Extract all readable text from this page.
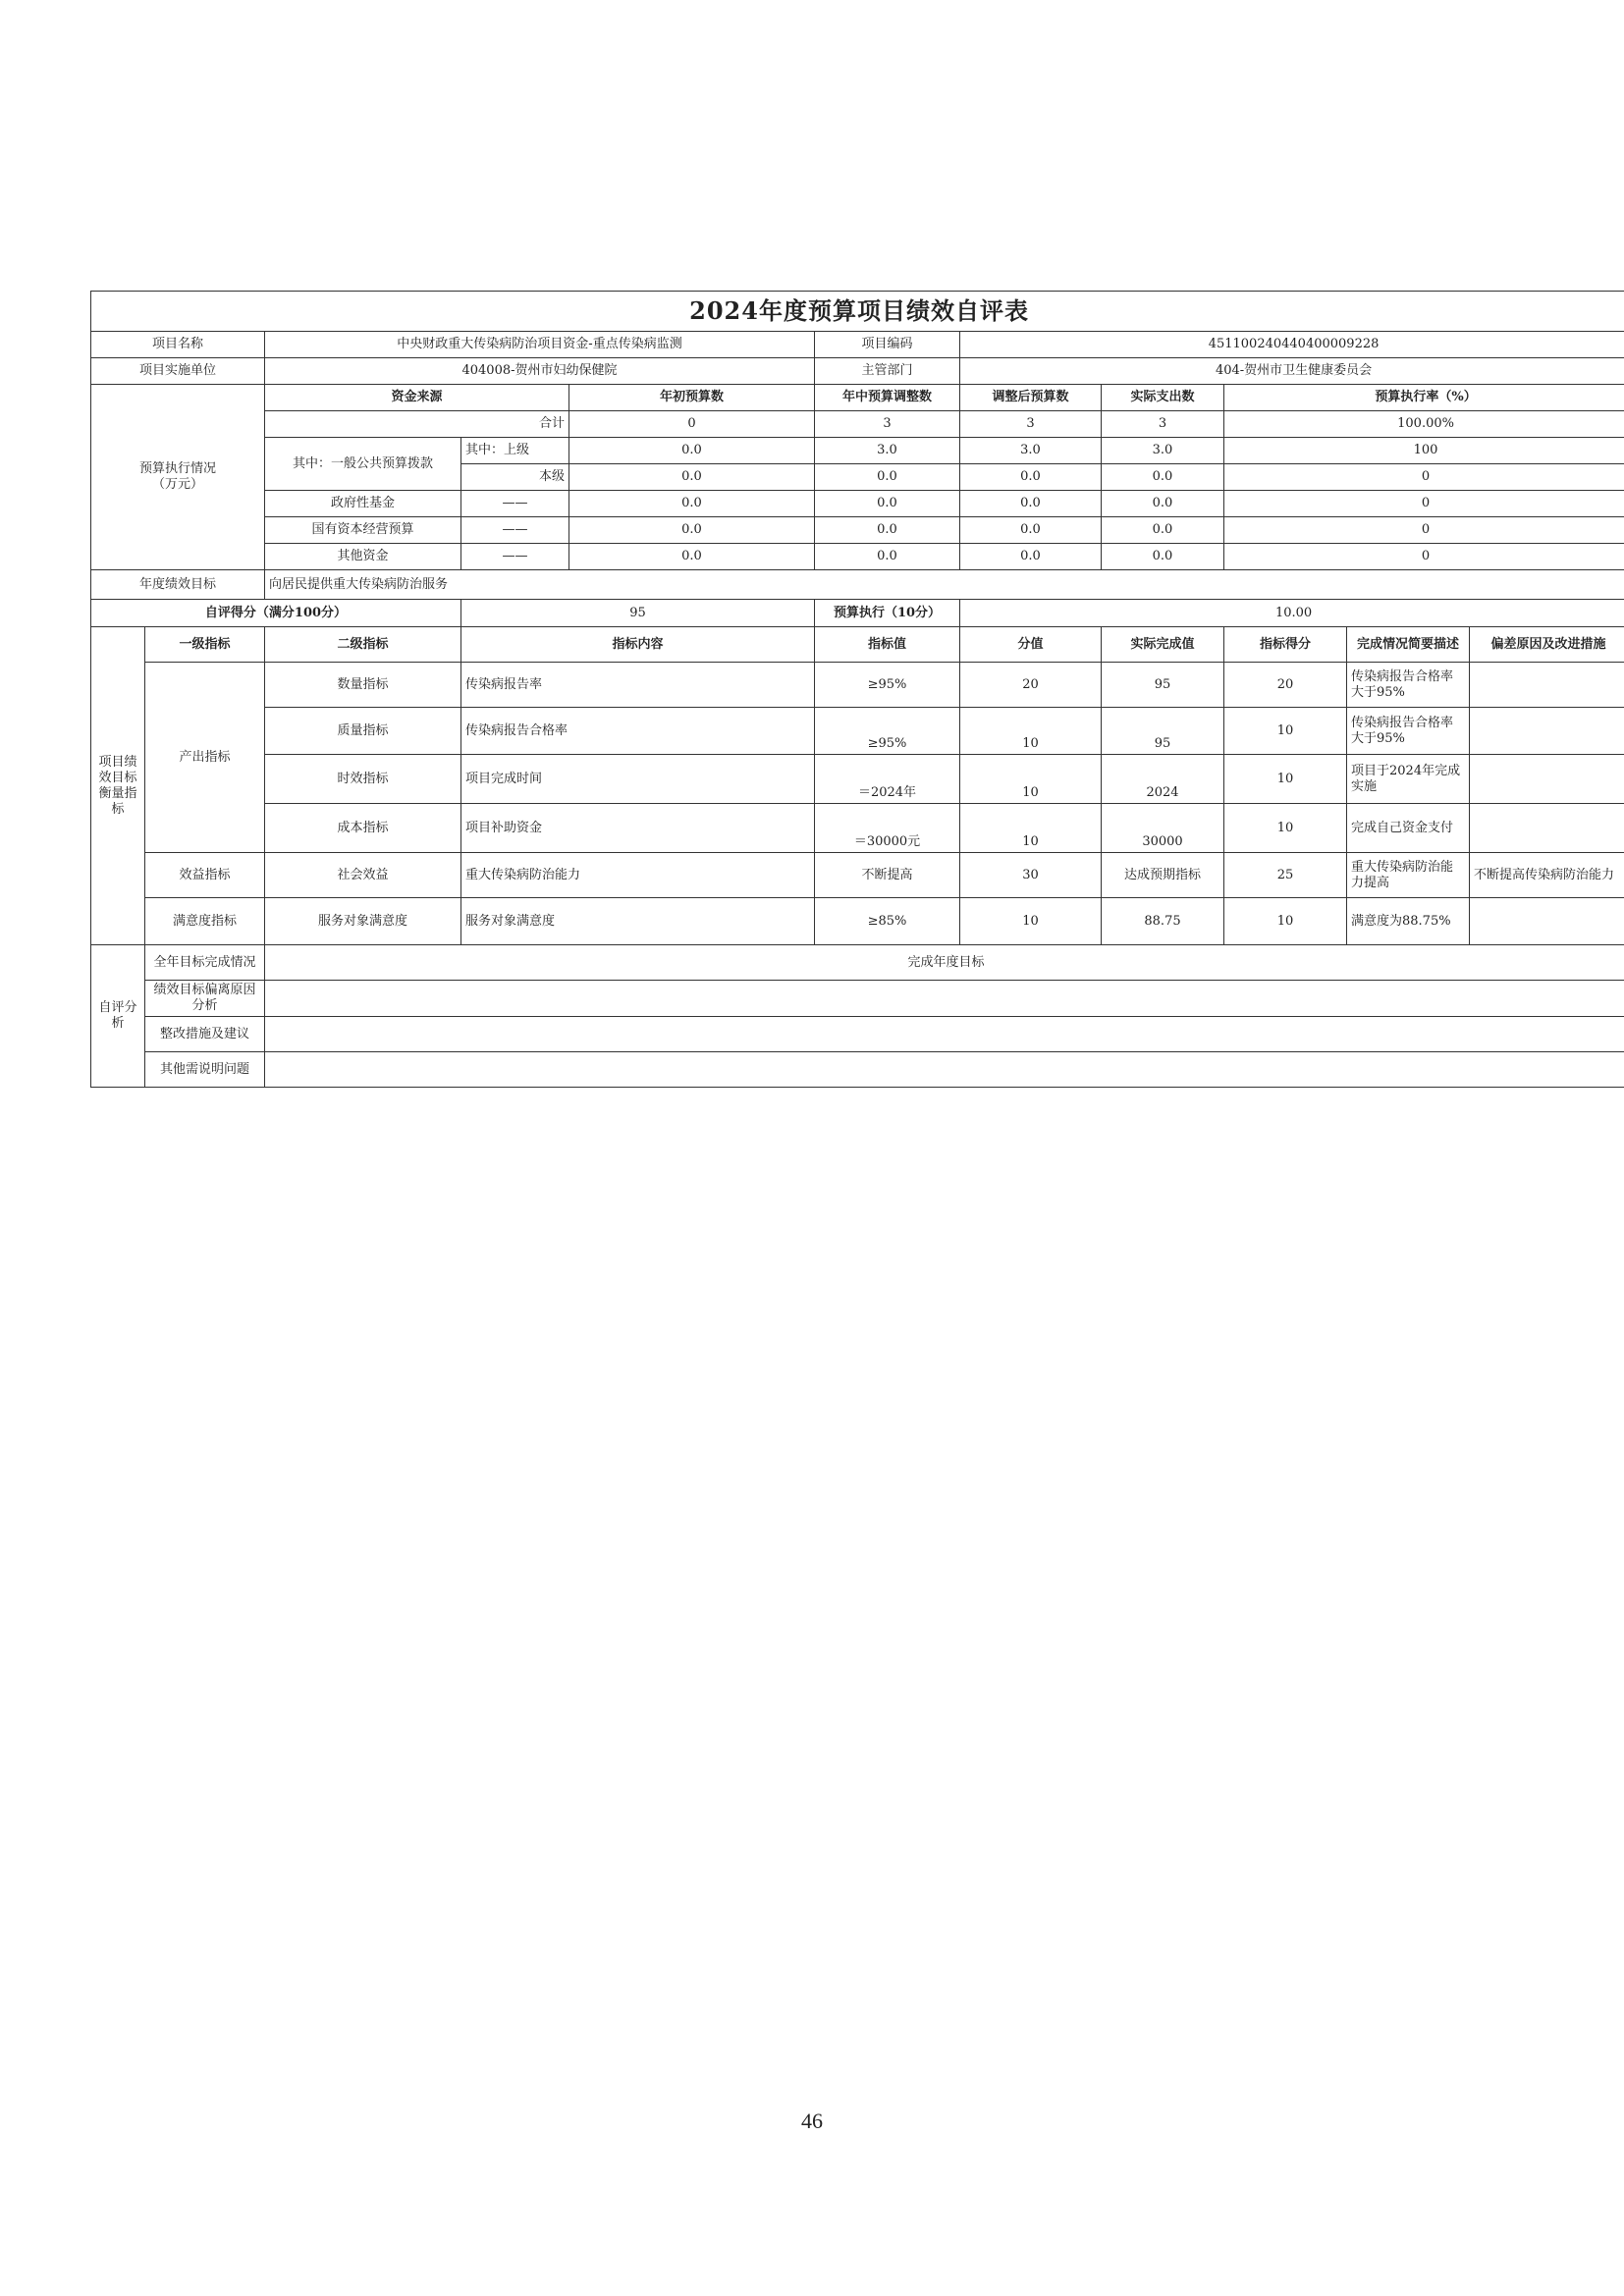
2024年度预算项目绩效自评表										
项目名称		中央财政重大传染病防治项目资金-重点传染病监测			项目编码	45110024044040000922​8				
项目实施单位		404008-贺州市妇幼保健院			主管部门	404-贺州市卫生健康委员会				
预算执行情况
（万元）		资金来源		年初预算数	年中预算调整数	调整后预算数	实际支出数	预算执行率（%）		
		合计		0	3	3	3	100.00%		
		其中：一般公共预算拨款	其中：上级	0.0	3.0	3.0	3.0	100		
			本级	0.0	0.0	0.0	0.0	0		
		政府性基金	——	0.0	0.0	0.0	0.0	0		
		国有资本经营预算	——	0.0	0.0	0.0	0.0	0		
		其他资金	——	0.0	0.0	0.0	0.0	0		
年度绩效目标		向居民提供重大传染病防治服务								
自评得分（满分100分）			95		预算执行（10分）	10.00				
项目绩效目标衡量指标	一级指标	二级指标	指标内容		指标值	分值	实际完成值	指标得分	完成情况简要描述	偏差原因及改进措施
	产出指标	数量指标	传染病报告率		≥95%	20	95	20	传染病报告合格率大于95%	
		质量指标	传染病报告合格率		≥95%	10	95	10	传染病报告合格率大于95%	
		时效指标	项目完成时间		＝2024年	10	2024	10	项目于2024年完成实施	
		成本指标	项目补助资金		＝30000元	10	30000	10	完成自己资金支付	
	效益指标	社会效益	重大传染病防治能力		不断提高	30	达成预期指标	25	重大传染病防治能力提高	不断提高传染病防治能力
	满意度指标	服务对象满意度	服务对象满意度		≥85%	10	88.75	10	满意度为88.75%	
自评分析	全年目标完成情况	完成年度目标								
	绩效目标偏离原因分析									
	整改措施及建议									
	其他需说明问题									
46
